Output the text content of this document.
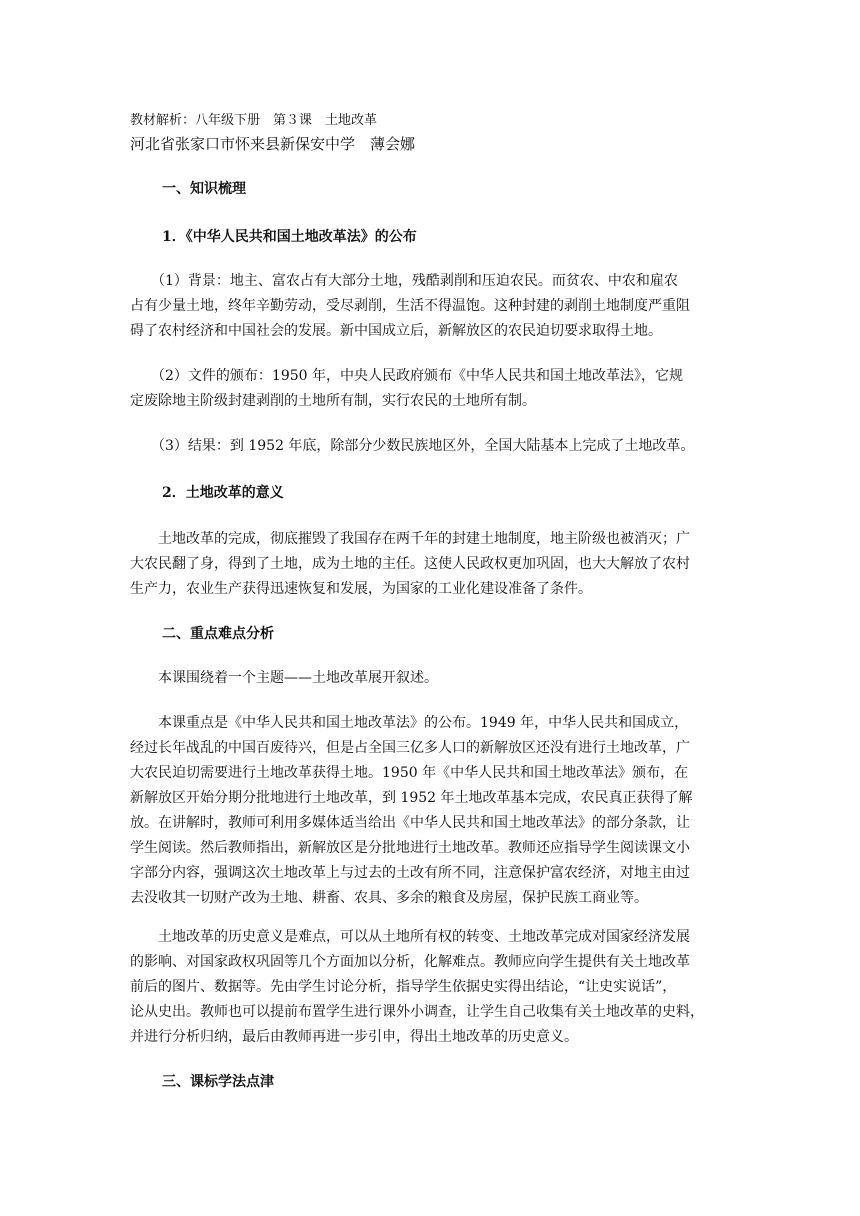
教材解析：八年级下册　第３课　土地改革
河北省张家口市怀来县新保安中学　薄会娜
一、知识梳理
1．《中华人民共和国土地改革法》的公布
　　（1）背景：地主、富农占有大部分土地，残酷剥削和压迫农民。而贫农、中农和雇农
占有少量土地，终年辛勤劳动，受尽剥削，生活不得温饱。这种封建的剥削土地制度严重阻
碍了农村经济和中国社会的发展。新中国成立后，新解放区的农民迫切要求取得土地。
　　（2）文件的颁布：1950 年，中央人民政府颁布《中华人民共和国土地改革法》，它规
定废除地主阶级封建剥削的土地所有制，实行农民的土地所有制。
　　（3）结果：到 1952 年底，除部分少数民族地区外，全国大陆基本上完成了土地改革。
2．土地改革的意义
　　土地改革的完成，彻底摧毁了我国存在两千年的封建土地制度，地主阶级也被消灭；广
大农民翻了身，得到了土地，成为土地的主任。这使人民政权更加巩固，也大大解放了农村
生产力，农业生产获得迅速恢复和发展，为国家的工业化建设准备了条件。
二、重点难点分析
　　本课围绕着一个主题——土地改革展开叙述。
　　本课重点是《中华人民共和国土地改革法》的公布。1949 年，中华人民共和国成立，
经过长年战乱的中国百废待兴，但是占全国三亿多人口的新解放区还没有进行土地改革，广
大农民迫切需要进行土地改革获得土地。1950 年《中华人民共和国土地改革法》颁布，在
新解放区开始分期分批地进行土地改革，到 1952 年土地改革基本完成，农民真正获得了解
放。在讲解时，教师可利用多媒体适当给出《中华人民共和国土地改革法》的部分条款，让
学生阅读。然后教师指出，新解放区是分批地进行土地改革。教师还应指导学生阅读课文小
字部分内容，强调这次土地改革上与过去的土改有所不同，注意保护富农经济，对地主由过
去没收其一切财产改为土地、耕畜、农具、多余的粮食及房屋，保护民族工商业等。
　　土地改革的历史意义是难点，可以从土地所有权的转变、土地改革完成对国家经济发展
的影响、对国家政权巩固等几个方面加以分析，化解难点。教师应向学生提供有关土地改革
前后的图片、数据等。先由学生讨论分析，指导学生依据史实得出结论，“让史实说话”，
论从史出。教师也可以提前布置学生进行课外小调查，让学生自己收集有关土地改革的史料，
并进行分析归纳，最后由教师再进一步引申，得出土地改革的历史意义。
三、课标学法点津
